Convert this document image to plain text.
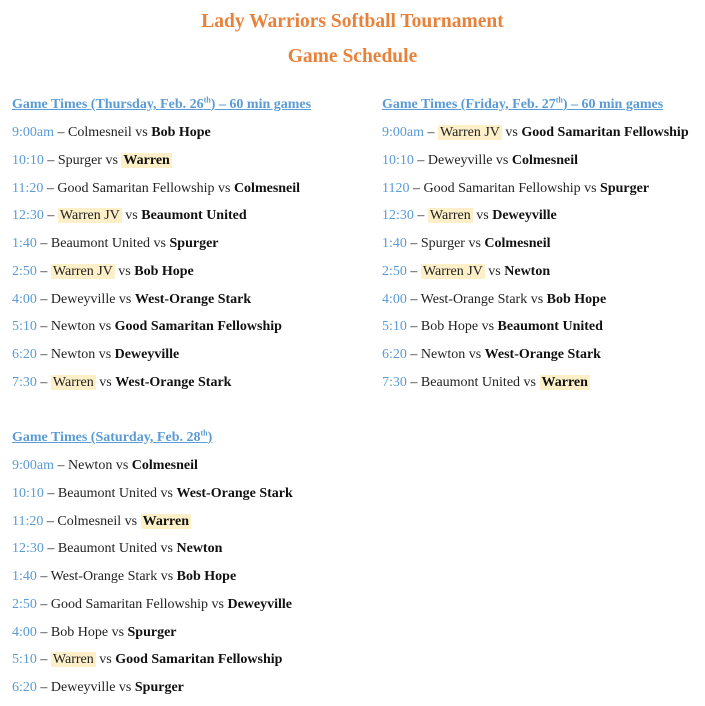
Lady Warriors Softball Tournament
Game Schedule
Game Times (Thursday, Feb. 26th) – 60 min games
9:00am – Colmesneil vs Bob Hope
10:10 – Spurger vs Warren
11:20 – Good Samaritan Fellowship vs Colmesneil
12:30 – Warren JV vs Beaumont United
1:40 – Beaumont United vs Spurger
2:50 – Warren JV vs Bob Hope
4:00 – Deweyville vs West-Orange Stark
5:10 – Newton vs Good Samaritan Fellowship
6:20 – Newton vs Deweyville
7:30 – Warren vs West-Orange Stark
Game Times (Friday, Feb. 27th) – 60 min games
9:00am – Warren JV vs Good Samaritan Fellowship
10:10 – Deweyville vs Colmesneil
1120 – Good Samaritan Fellowship vs Spurger
12:30 – Warren vs Deweyville
1:40 – Spurger vs Colmesneil
2:50 – Warren JV vs Newton
4:00 – West-Orange Stark vs Bob Hope
5:10 – Bob Hope vs Beaumont United
6:20 – Newton vs West-Orange Stark
7:30 – Beaumont United vs Warren
Game Times (Saturday, Feb. 28th)
9:00am – Newton vs Colmesneil
10:10 – Beaumont United vs West-Orange Stark
11:20 – Colmesneil vs Warren
12:30 – Beaumont United vs Newton
1:40 – West-Orange Stark vs Bob Hope
2:50 – Good Samaritan Fellowship vs Deweyville
4:00 – Bob Hope vs Spurger
5:10 – Warren vs Good Samaritan Fellowship
6:20 – Deweyville vs Spurger
